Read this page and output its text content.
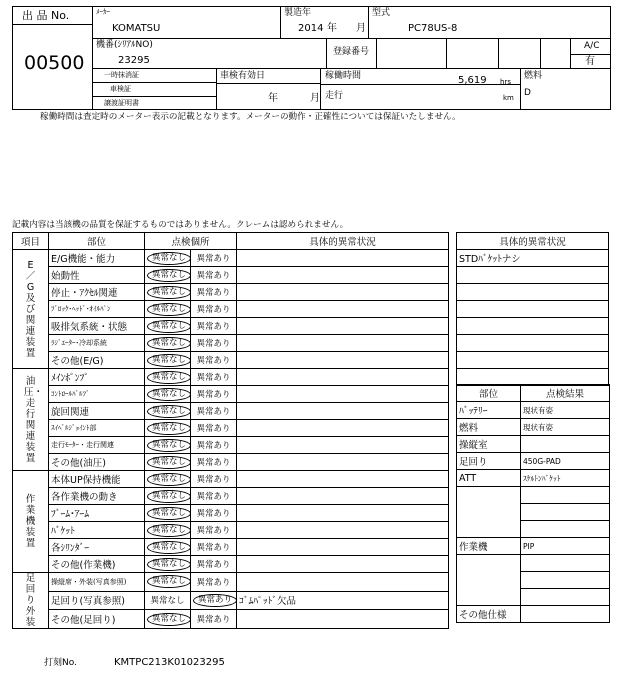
出 品 No.
00500
ﾒｰｶｰ
KOMATSU
製造年
2014 年 月
型式
PC78US-8
機番(ｼﾘｱﾙNO)
23295
登録番号
A/C
有
一時抹消証
車検証
譲渡証明書
車検有効日
年	月
稼働時間	5,619 hrs
走行	km
燃料
D
稼働時間は査定時のメーター表示の記載となります。メーターの動作・正確性については保証いたしません。
記載内容は当該機の品質を保証するものではありません。クレームは認められません。
項目	部位	点検個所		具体的異常状況
E／G及び関連装置	E/G機能・能力	異常なし	異常あり	
	始動性	異常なし	異常あり	
	停止・ｱｸｾﾙ関連	異常なし	異常あり	
	ﾌﾞﾛｯｸ･ﾍｯﾄﾞ･ｵｲﾙﾊﾟﾝ	異常なし	異常あり	
	吸排気系統・状態	異常なし	異常あり	
	ﾗｼﾞｴｰﾀｰ･冷却系統	異常なし	異常あり	
	その他(E/G)	異常なし	異常あり	
油圧・走行関連装置	ﾒｲﾝﾎﾟﾝﾌﾟ	異常なし	異常あり	
	ｺﾝﾄﾛｰﾙﾊﾞﾙﾌﾞ	異常なし	異常あり	
	旋回関連	異常なし	異常あり	
	ｽｲﾍﾞﾙｼﾞｮｲﾝﾄ部	異常なし	異常あり	
	走行ﾓｰﾀｰ・走行関連	異常なし	異常あり	
	その他(油圧)	異常なし	異常あり	
作業機装置	本体UP保持機能	異常なし	異常あり	
	各作業機の動き	異常なし	異常あり	
	ﾌﾞｰﾑ･ｱｰﾑ	異常なし	異常あり	
	ﾊﾞｹｯﾄ	異常なし	異常あり	
	各ｼﾘﾝﾀﾞｰ	異常なし	異常あり	
	その他(作業機)	異常なし	異常あり	
足回り外装	操縦席・外装(写真参照)	異常なし	異常あり	
	足回り(写真参照)	異常なし	異常あり	ｺﾞﾑﾊﾟｯﾄﾞ欠品
	その他(足回り)	異常なし	異常あり	
具体的異常状況
STDﾊﾞｹｯﾄナシ

部位	点検結果
ﾊﾞｯﾃﾘｰ	現状有姿
燃料	現状有姿
操縦室	
足回り	450G-PAD
ATT	ｽｹﾙﾄﾝﾊﾞｹｯﾄ

作業機	PIP

その他仕様	
打刻No.	KMTPC213K01023295
